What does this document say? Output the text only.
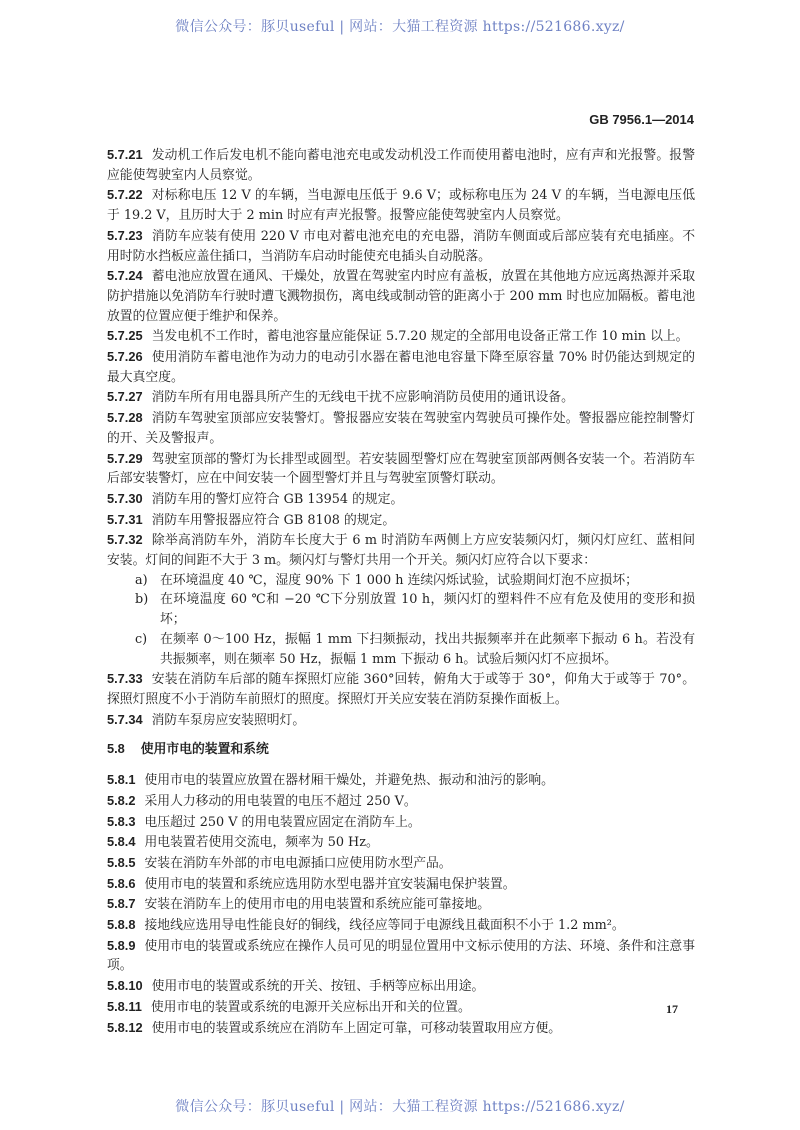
微信公众号：豚贝useful | 网站：大猫工程资源 https://521686.xyz/
GB 7956.1—2014
5.7.21 发动机工作后发电机不能向蓄电池充电或发动机没工作而使用蓄电池时，应有声和光报警。报警应能使驾驶室内人员察觉。
5.7.22 对标称电压 12 V 的车辆，当电源电压低于 9.6 V；或标称电压为 24 V 的车辆，当电源电压低于 19.2 V，且历时大于 2 min 时应有声光报警。报警应能使驾驶室内人员察觉。
5.7.23 消防车应装有使用 220 V 市电对蓄电池充电的充电器，消防车侧面或后部应装有充电插座。不用时防水挡板应盖住插口，当消防车启动时能使充电插头自动脱落。
5.7.24 蓄电池应放置在通风、干燥处，放置在驾驶室内时应有盖板，放置在其他地方应远离热源并采取防护措施以免消防车行驶时遭飞溅物损伤，离电线或制动管的距离小于 200 mm 时也应加隔板。蓄电池放置的位置应便于维护和保养。
5.7.25 当发电机不工作时，蓄电池容量应能保证 5.7.20 规定的全部用电设备正常工作 10 min 以上。
5.7.26 使用消防车蓄电池作为动力的电动引水器在蓄电池电容量下降至原容量 70% 时仍能达到规定的最大真空度。
5.7.27 消防车所有用电器具所产生的无线电干扰不应影响消防员使用的通讯设备。
5.7.28 消防车驾驶室顶部应安装警灯。警报器应安装在驾驶室内驾驶员可操作处。警报器应能控制警灯的开、关及警报声。
5.7.29 驾驶室顶部的警灯为长排型或圆型。若安装圆型警灯应在驾驶室顶部两侧各安装一个。若消防车后部安装警灯，应在中间安装一个圆型警灯并且与驾驶室顶警灯联动。
5.7.30 消防车用的警灯应符合 GB 13954 的规定。
5.7.31 消防车用警报器应符合 GB 8108 的规定。
5.7.32 除举高消防车外，消防车长度大于 6 m 时消防车两侧上方应安装频闪灯，频闪灯应红、蓝相间安装。灯间的间距不大于 3 m。频闪灯与警灯共用一个开关。频闪灯应符合以下要求：
a) 在环境温度 40 ℃，湿度 90% 下 1 000 h 连续闪烁试验，试验期间灯泡不应损坏；
b) 在环境温度 60 ℃和 −20 ℃下分别放置 10 h，频闪灯的塑料件不应有危及使用的变形和损坏；
c) 在频率 0～100 Hz，振幅 1 mm 下扫频振动，找出共振频率并在此频率下振动 6 h。若没有共振频率，则在频率 50 Hz，振幅 1 mm 下振动 6 h。试验后频闪灯不应损坏。
5.7.33 安装在消防车后部的随车探照灯应能 360°回转，俯角大于或等于 30°，仰角大于或等于 70°。探照灯照度不小于消防车前照灯的照度。探照灯开关应安装在消防泵操作面板上。
5.7.34 消防车泵房应安装照明灯。
5.8 使用市电的装置和系统
5.8.1 使用市电的装置应放置在器材厢干燥处，并避免热、振动和油污的影响。
5.8.2 采用人力移动的用电装置的电压不超过 250 V。
5.8.3 电压超过 250 V 的用电装置应固定在消防车上。
5.8.4 用电装置若使用交流电，频率为 50 Hz。
5.8.5 安装在消防车外部的市电电源插口应使用防水型产品。
5.8.6 使用市电的装置和系统应选用防水型电器并宜安装漏电保护装置。
5.8.7 安装在消防车上的使用市电的用电装置和系统应能可靠接地。
5.8.8 接地线应选用导电性能良好的铜线，线径应等同于电源线且截面积不小于 1.2 mm²。
5.8.9 使用市电的装置或系统应在操作人员可见的明显位置用中文标示使用的方法、环境、条件和注意事项。
5.8.10 使用市电的装置或系统的开关、按钮、手柄等应标出用途。
5.8.11 使用市电的装置或系统的电源开关应标出开和关的位置。
5.8.12 使用市电的装置或系统应在消防车上固定可靠，可移动装置取用应方便。
17
微信公众号：豚贝useful | 网站：大猫工程资源 https://521686.xyz/
